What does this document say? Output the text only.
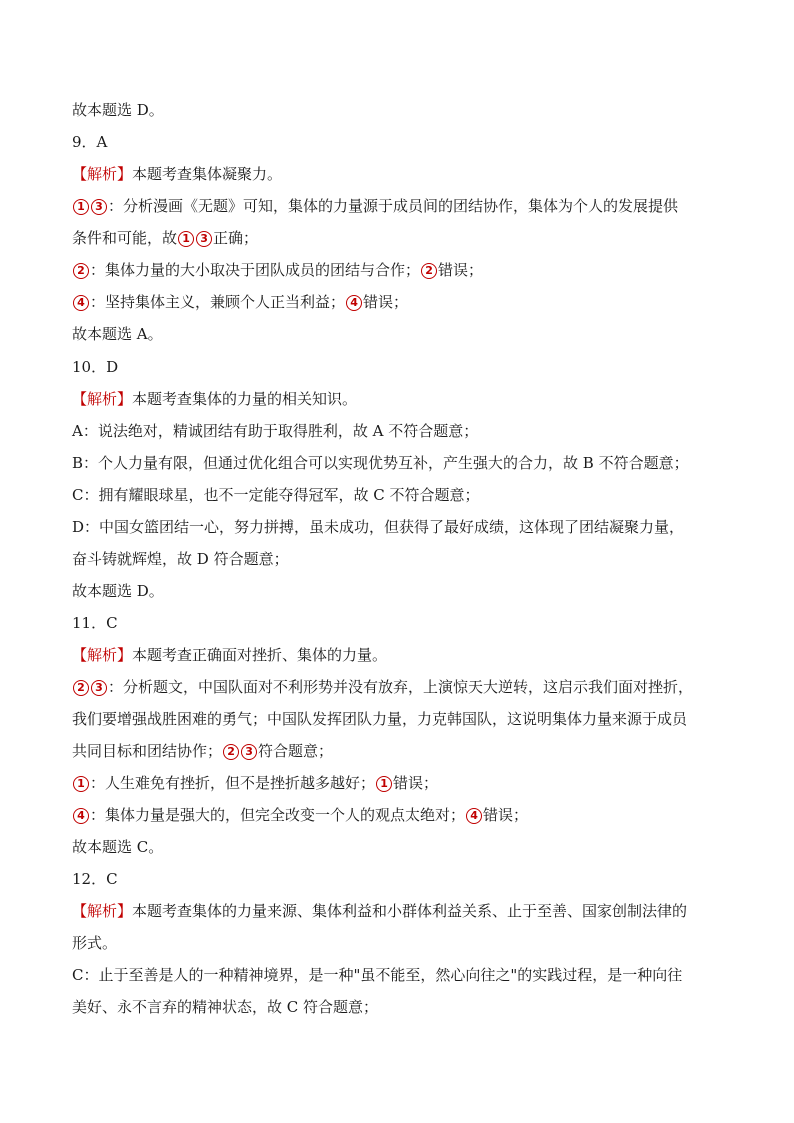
故本题选 D。
9．A
【解析】本题考查集体凝聚力。
1 3 ：分析漫画《无题》可知，集体的力量源于成员间的团结协作，集体为个人的发展提供
条件和可能，故 1 3 正确；
2 ：集体力量的大小取决于团队成员的团结与合作； 2 错误；
4 ：坚持集体主义，兼顾个人正当利益； 4 错误；
故本题选 A。
10．D
【解析】本题考查集体的力量的相关知识。
A：说法绝对，精诚团结有助于取得胜利，故 A 不符合题意；
B：个人力量有限，但通过优化组合可以实现优势互补，产生强大的合力，故 B 不符合题意；
C：拥有耀眼球星，也不一定能夺得冠军，故 C 不符合题意；
D：中国女篮团结一心，努力拼搏，虽未成功，但获得了最好成绩，这体现了团结凝聚力量，
奋斗铸就辉煌，故 D 符合题意；
故本题选 D。
11．C
【解析】本题考查正确面对挫折、集体的力量。
2 3 ：分析题文，中国队面对不利形势并没有放弃，上演惊天大逆转，这启示我们面对挫折，
我们要增强战胜困难的勇气；中国队发挥团队力量，力克韩国队，这说明集体力量来源于成员
共同目标和团结协作； 2 3 符合题意；
1 ：人生难免有挫折，但不是挫折越多越好； 1 错误；
4 ：集体力量是强大的，但完全改变一个人的观点太绝对； 4 错误；
故本题选 C。
12．C
【解析】本题考查集体的力量来源、集体利益和小群体利益关系、止于至善、国家创制法律的
形式。
C：止于至善是人的一种精神境界，是一种"虽不能至，然心向往之"的实践过程，是一种向往
美好、永不言弃的精神状态，故 C 符合题意；
